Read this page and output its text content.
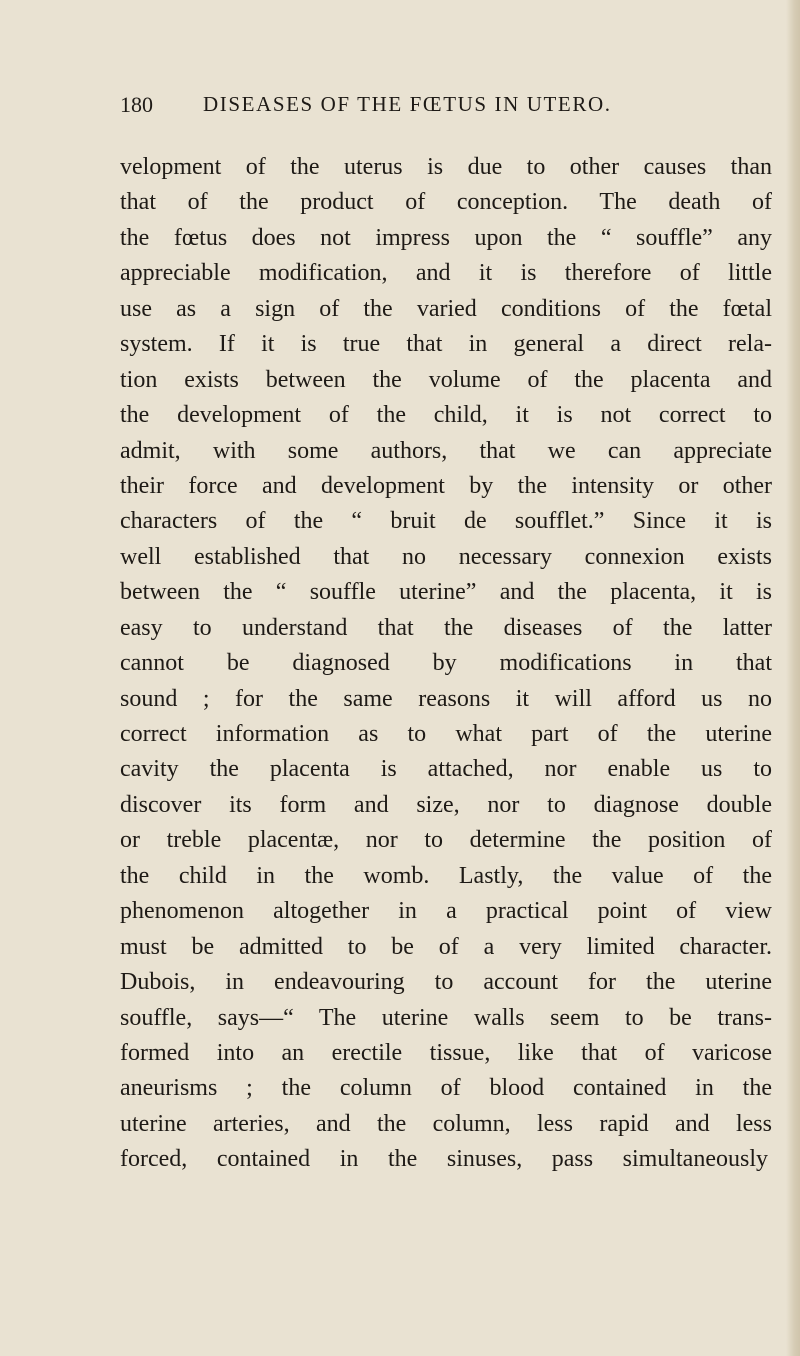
180 DISEASES OF THE FŒTUS IN UTERO.
velopment of the uterus is due to other causes than
that of the product of conception. The death of
the fœtus does not impress upon the “ souffle” any
appreciable modification, and it is therefore of little
use as a sign of the varied conditions of the fœtal
system. If it is true that in general a direct rela-
tion exists between the volume of the placenta and
the development of the child, it is not correct to
admit, with some authors, that we can appreciate
their force and development by the intensity or other
characters of the “ bruit de soufflet.” Since it is
well established that no necessary connexion exists
between the “ souffle uterine” and the placenta, it is
easy to understand that the diseases of the latter
cannot be diagnosed by modifications in that
sound ; for the same reasons it will afford us no
correct information as to what part of the uterine
cavity the placenta is attached, nor enable us to
discover its form and size, nor to diagnose double
or treble placentæ, nor to determine the position of
the child in the womb. Lastly, the value of the
phenomenon altogether in a practical point of view
must be admitted to be of a very limited character.
Dubois, in endeavouring to account for the uterine
souffle, says—“ The uterine walls seem to be trans-
formed into an erectile tissue, like that of varicose
aneurisms ; the column of blood contained in the
uterine arteries, and the column, less rapid and less
forced, contained in the sinuses, pass simultaneously
